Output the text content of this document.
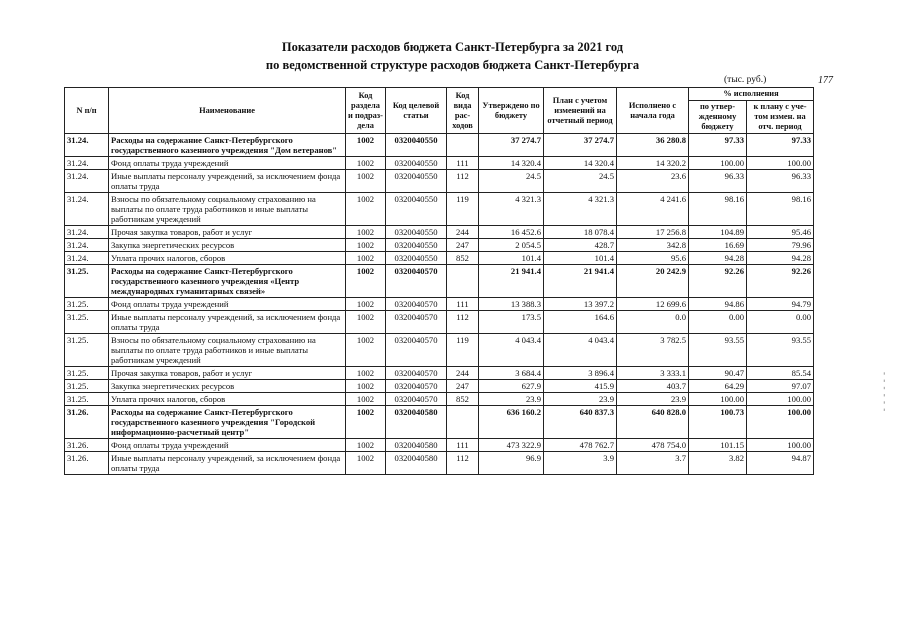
Показатели расходов бюджета Санкт-Петербурга за 2021 год
по ведомственной структуре расходов бюджета Санкт-Петербурга
(тыс. руб.)	177
- - - - - -
N п/п	Наименование	Код раздела и подраз-дела	Код целевой статьи	Код вида рас-ходов	Утверждено по бюджету	План с учетом изменений на отчетный период	Исполнено с начала года	% исполнения	
								по утвер-жденному бюджету	к плану с уче-том измен. на отч. период
31.24.	Расходы на содержание Санкт-Петербургского государственного казенного учреждения "Дом ветеранов"	1002	0320040550		37 274.7	37 274.7	36 280.8	97.33	97.33
31.24.	Фонд оплаты труда учреждений	1002	0320040550	111	14 320.4	14 320.4	14 320.2	100.00	100.00
31.24.	Иные выплаты персоналу учреждений, за исключением фонда оплаты труда	1002	0320040550	112	24.5	24.5	23.6	96.33	96.33
31.24.	Взносы по обязательному социальному страхованию на выплаты по оплате труда работников и иные выплаты работникам учреждений	1002	0320040550	119	4 321.3	4 321.3	4 241.6	98.16	98.16
31.24.	Прочая закупка товаров, работ и услуг	1002	0320040550	244	16 452.6	18 078.4	17 256.8	104.89	95.46
31.24.	Закупка энергетических ресурсов	1002	0320040550	247	2 054.5	428.7	342.8	16.69	79.96
31.24.	Уплата прочих налогов, сборов	1002	0320040550	852	101.4	101.4	95.6	94.28	94.28
31.25.	Расходы на содержание Санкт-Петербургского государственного казенного учреждения «Центр международных гуманитарных связей»	1002	0320040570		21 941.4	21 941.4	20 242.9	92.26	92.26
31.25.	Фонд оплаты труда учреждений	1002	0320040570	111	13 388.3	13 397.2	12 699.6	94.86	94.79
31.25.	Иные выплаты персоналу учреждений, за исключением фонда оплаты труда	1002	0320040570	112	173.5	164.6	0.0	0.00	0.00
31.25.	Взносы по обязательному социальному страхованию на выплаты по оплате труда работников и иные выплаты работникам учреждений	1002	0320040570	119	4 043.4	4 043.4	3 782.5	93.55	93.55
31.25.	Прочая закупка товаров, работ и услуг	1002	0320040570	244	3 684.4	3 896.4	3 333.1	90.47	85.54
31.25.	Закупка энергетических ресурсов	1002	0320040570	247	627.9	415.9	403.7	64.29	97.07
31.25.	Уплата прочих налогов, сборов	1002	0320040570	852	23.9	23.9	23.9	100.00	100.00
31.26.	Расходы на содержание Санкт-Петербургского государственного казенного учреждения "Городской информационно-расчетный центр"	1002	0320040580		636 160.2	640 837.3	640 828.0	100.73	100.00
31.26.	Фонд оплаты труда учреждений	1002	0320040580	111	473 322.9	478 762.7	478 754.0	101.15	100.00
31.26.	Иные выплаты персоналу учреждений, за исключением фонда оплаты труда	1002	0320040580	112	96.9	3.9	3.7	3.82	94.87
